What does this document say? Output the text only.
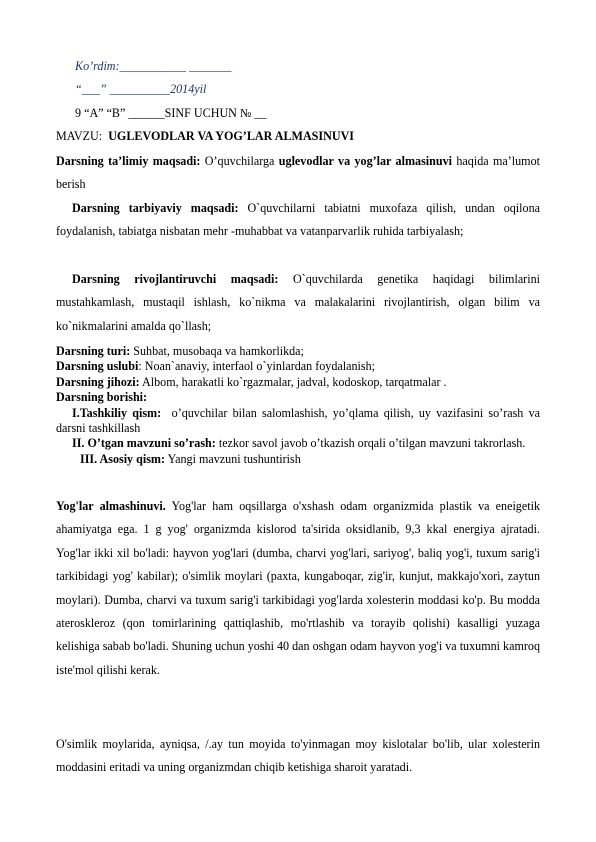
Ko’rdim:___________ _______
“___” __________2014yil
9 “A” “B” ______SINF UCHUN № __
MAVZU: UGLEVODLAR VA YOG’LAR ALMASINUVI
Darsning ta’limiy maqsadi: O’quvchilarga uglevodlar va yog’lar almasinuvi haqida ma’lumot berish
Darsning tarbiyaviy maqsadi: O`quvchilarni tabiatni muxofaza qilish, undan oqilona foydalanish, tabiatga nisbatan mehr -muhabbat va vatanparvarlik ruhida tarbiyalash;
Darsning rivojlantiruvchi maqsadi: O`quvchilarda genetika haqidagi bilimlarini mustahkamlash, mustaqil ishlash, ko`nikma va malakalarini rivojlantirish, olgan bilim va ko`nikmalarini amalda qo`llash;
Darsning turi: Suhbat, musobaqa va hamkorlikda;
Darsning uslubi: Noan`anaviy, interfaol o`yinlardan foydalanish;
Darsning jihozi: Albom, harakatli ko`rgazmalar, jadval, kodoskop, tarqatmalar .
Darsning borishi:
I.Tashkiliy qism: o’quvchilar bilan salomlashish, yo’qlama qilish, uy vazifasini so’rash va darsni tashkillash
II. O’tgan mavzuni so’rash: tezkor savol javob o’tkazish orqali o’tilgan mavzuni takrorlash.
III. Asosiy qism: Yangi mavzuni tushuntirish
Yog'lar almashinuvi. Yog'lar ham oqsillarga o'xshash odam organizmida plastik va eneigetik ahamiyatga ega. 1 g yog' organizmda kislorod ta'sirida oksidlanib, 9,3 kkal energiya ajratadi. Yog'lar ikki xil bo'ladi: hayvon yog'lari (dumba, charvi yog'lari, sariyog', baliq yog'i, tuxum sarig'i tarkibidagi yog' kabilar); o'simlik moylari (paxta, kungaboqar, zig'ir, kunjut, makkajo'xori, zaytun moylari). Dumba, charvi va tuxum sarig'i tarkibidagi yog'larda xolesterin moddasi ko'p. Bu modda ateroskleroz (qon tomirlarining qattiqlashib, mo'rtlashib va torayib qolishi) kasalligi yuzaga kelishiga sabab bo'ladi. Shuning uchun yoshi 40 dan oshgan odam hayvon yog'i va tuxumni kamroq iste'mol qilishi kerak.
O'simlik moylarida, ayniqsa, /.ay tun moyida to'yinmagan moy kislotalar bo'lib, ular xolesterin moddasini eritadi va uning organizmdan chiqib ketishiga sharoit yaratadi.
